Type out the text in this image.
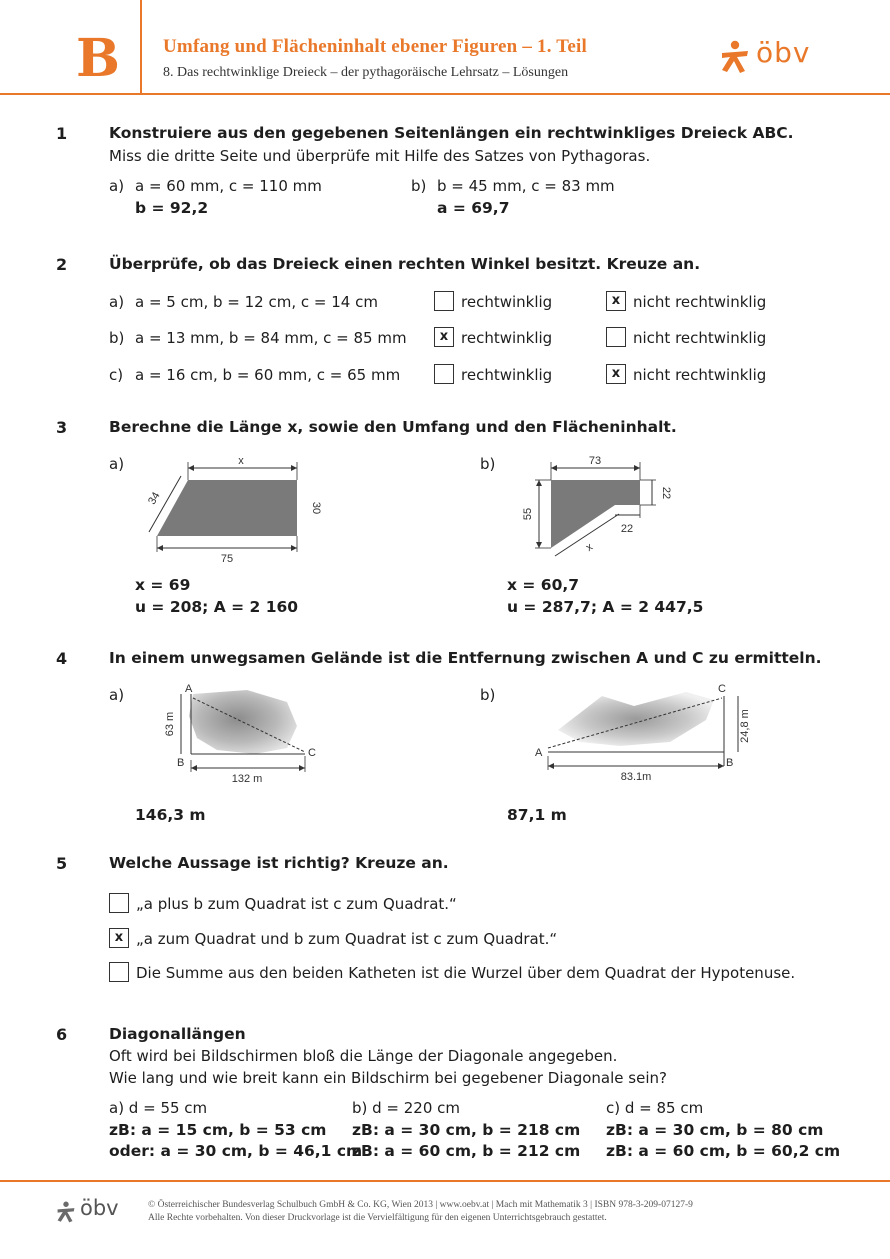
B Umfang und Flächeninhalt ebener Figuren – 1. Teil
8. Das rechtwinklige Dreieck – der pythagoräische Lehrsatz – Lösungen
öbv
1	Konstruiere aus den gegebenen Seitenlängen ein rechtwinkliges Dreieck ABC.
Miss die dritte Seite und überprüfe mit Hilfe des Satzes von Pythagoras.
a) a = 60 mm, c = 110 mm
b = 92,2
b) b = 45 mm, c = 83 mm
a = 69,7
2	Überprüfe, ob das Dreieck einen rechten Winkel besitzt. Kreuze an.
a) a = 5 cm, b = 12 cm, c = 14 cm	rechtwinklig	x nicht rechtwinklig
b) a = 13 mm, b = 84 mm, c = 85 mm	x rechtwinklig	nicht rechtwinklig
c) a = 16 cm, b = 60 mm, c = 65 mm	rechtwinklig	x nicht rechtwinklig
3	Berechne die Länge x, sowie den Umfang und den Flächeninhalt.
a)	b)
x
75
30
34
73
22
22
55
x
x = 69
u = 208; A = 2 160
x = 60,7
u = 287,7; A = 2 447,5
4	In einem unwegsamen Gelände ist die Entfernung zwischen A und C zu ermitteln.
a)	b)
A
B
C
132 m
63 m
A
B
C
83.1m
24,8 m
146,3 m	87,1 m
5	Welche Aussage ist richtig? Kreuze an.
„a plus b zum Quadrat ist c zum Quadrat.“
x „a zum Quadrat und b zum Quadrat ist c zum Quadrat.“
Die Summe aus den beiden Katheten ist die Wurzel über dem Quadrat der Hypotenuse.
6	Diagonallängen
Oft wird bei Bildschirmen bloß die Länge der Diagonale angegeben.
Wie lang und wie breit kann ein Bildschirm bei gegebener Diagonale sein?
a) d = 55 cm
zB: a = 15 cm, b = 53 cm
oder: a = 30 cm, b = 46,1 cm
b) d = 220 cm
zB: a = 30 cm, b = 218 cm
zB: a = 60 cm, b = 212 cm
c) d = 85 cm
zB: a = 30 cm, b = 80 cm
zB: a = 60 cm, b = 60,2 cm
öbv	© Österreichischer Bundesverlag Schulbuch GmbH & Co. KG, Wien 2013 | www.oebv.at | Mach mit Mathematik 3 | ISBN 978-3-209-07127-9
Alle Rechte vorbehalten. Von dieser Druckvorlage ist die Vervielfältigung für den eigenen Unterrichtsgebrauch gestattet.
